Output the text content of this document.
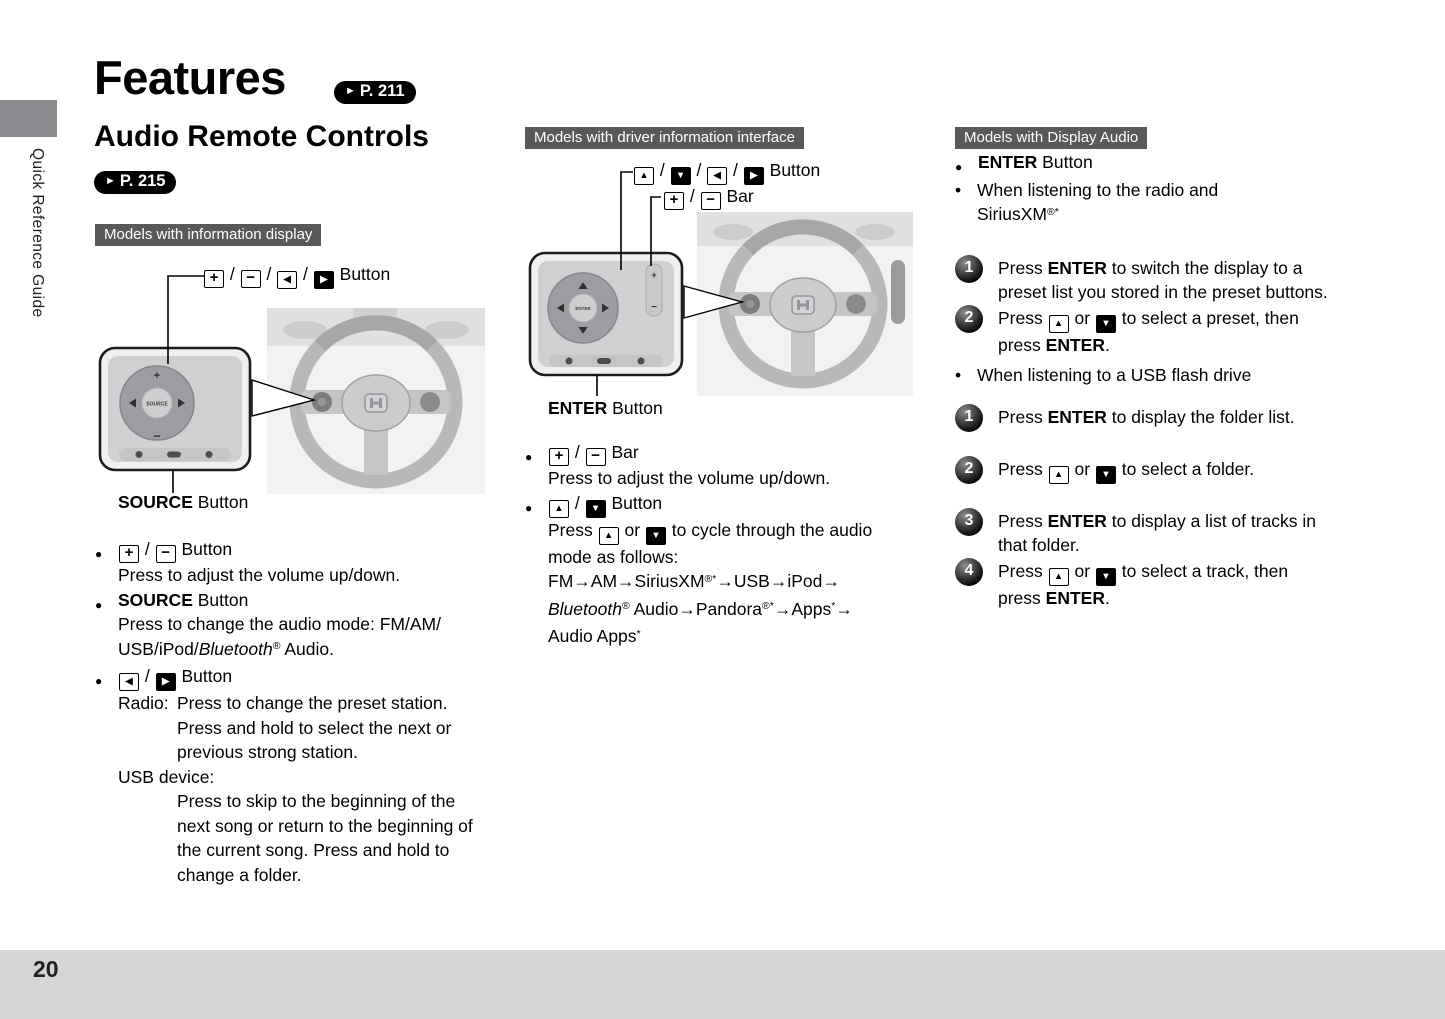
Quick Reference Guide
20
Features	► P. 211
Audio Remote Controls
► P. 215
Models with information display
+ / − / ◀ / ▶ Button
SOURCE
+
−
SOURCE Button
●	+ / − Button
Press to adjust the volume up/down.
● SOURCE Button
Press to change the audio mode: FM/AM/
USB/iPod/Bluetooth® Audio.
●	◀ / ▶ Button
Radio: Press to change the preset station. Press and hold to select the next or previous strong station.
USB device:
Press to skip to the beginning of the next song or return to the beginning of the current song. Press and hold to change a folder.
Models with driver information interface
▲ / ▼ / ◀ / ▶ Button
+ / − Bar
ENTER
+
−
ENTER Button
●	+ / − Bar
Press to adjust the volume up/down.
●	▲ / ▼ Button
Press ▲ or ▼ to cycle through the audio
mode as follows:
FM→AM→SiriusXM®*→USB→iPod→
Bluetooth® Audio→Pandora®*→Apps*→
Audio Apps*
Models with Display Audio
● ENTER Button
• When listening to the radio and SiriusXM®*
1	Press ENTER to switch the display to a preset list you stored in the preset buttons.
2	Press ▲ or ▼ to select a preset, then press ENTER.
• When listening to a USB flash drive
1	Press ENTER to display the folder list.
2	Press ▲ or ▼ to select a folder.
3	Press ENTER to display a list of tracks in that folder.
4	Press ▲ or ▼ to select a track, then press ENTER.
